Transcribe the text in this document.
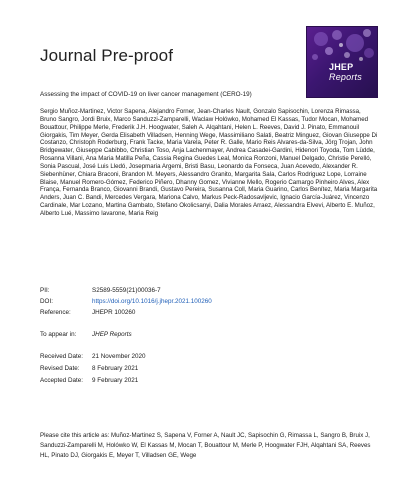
Journal Pre-proof
JHEP Reports
Assessing the impact of COVID-19 on liver cancer management (CERO-19)
Sergio Muñoz-Martinez, Victor Sapena, Alejandro Forner, Jean-Charles Nault, Gonzalo Sapisochin, Lorenza Rimassa, Bruno Sangro, Jordi Bruix, Marco Sanduzzi-Zamparelli, Waclaw Holówko, Mohamed El Kassas, Tudor Mocan, Mohamed Bouattour, Philippe Merle, Frederik J.H. Hoogwater, Saleh A. Alqahtani, Helen L. Reeves, David J. Pinato, Emmanouil Giorgakis, Tim Meyer, Gerda Elisabeth Villadsen, Henning Wege, Massimiliano Salati, Beatriz Minguez, Giovan Giuseppe Di Costanzo, Christoph Roderburg, Frank Tacke, Maria Varela, Peter R. Galle, Mario Reis Alvares-da-Silva, Jörg Trojan, John Bridgewater, Giuseppe Cabibbo, Christian Toso, Anja Lachenmayer, Andrea Casadei-Gardini, Hidenori Toyoda, Tom Lüdde, Rosanna Villani, Ana Maria Matilla Peña, Cassia Regina Guedes Leal, Monica Ronzoni, Manuel Delgado, Christie Perelló, Sonia Pascual, José Luis Lledó, Josepmaria Argemi, Bristi Basu, Leonardo da Fonseca, Juan Acevedo, Alexander R. Siebenhüner, Chiara Braconi, Brandon M. Meyers, Alessandro Granito, Margarita Sala, Carlos Rodriguez Lope, Lorraine Blaise, Manuel Romero-Gómez, Federico Piñero, Dhanny Gomez, Vivianne Mello, Rogerio Camargo Pinheiro Alves, Alex França, Fernanda Branco, Giovanni Brandi, Gustavo Pereira, Susanna Coll, Maria Guarino, Carlos Benítez, Maria Margarita Anders, Juan C. Bandi, Mercedes Vergara, Mariona Calvo, Markus Peck-Radosavljevic, Ignacio García-Juárez, Vincenzo Cardinale, Mar Lozano, Martina Gambato, Stefano Okolicsanyi, Dalia Morales Arraez, Alessandra Elvevi, Alberto E. Muñoz, Alberto Lué, Massimo Iavarone, Maria Reig
PII:	S2589-5559(21)00036-7
DOI:	https://doi.org/10.1016/j.jhepr.2021.100260
Reference:	JHEPR 100260
To appear in: JHEP Reports
Received Date: 21 November 2020
Revised Date: 8 February 2021
Accepted Date: 9 February 2021
Please cite this article as: Muñoz-Martinez S, Sapena V, Forner A, Nault JC, Sapisochin G, Rimassa L, Sangro B, Bruix J, Sanduzzi-Zamparelli M, Holówko W, El Kassas M, Mocan T, Bouattour M, Merle P, Hoogwater FJH, Alqahtani SA, Reeves HL, Pinato DJ, Giorgakis E, Meyer T, Villadsen GE, Wege
